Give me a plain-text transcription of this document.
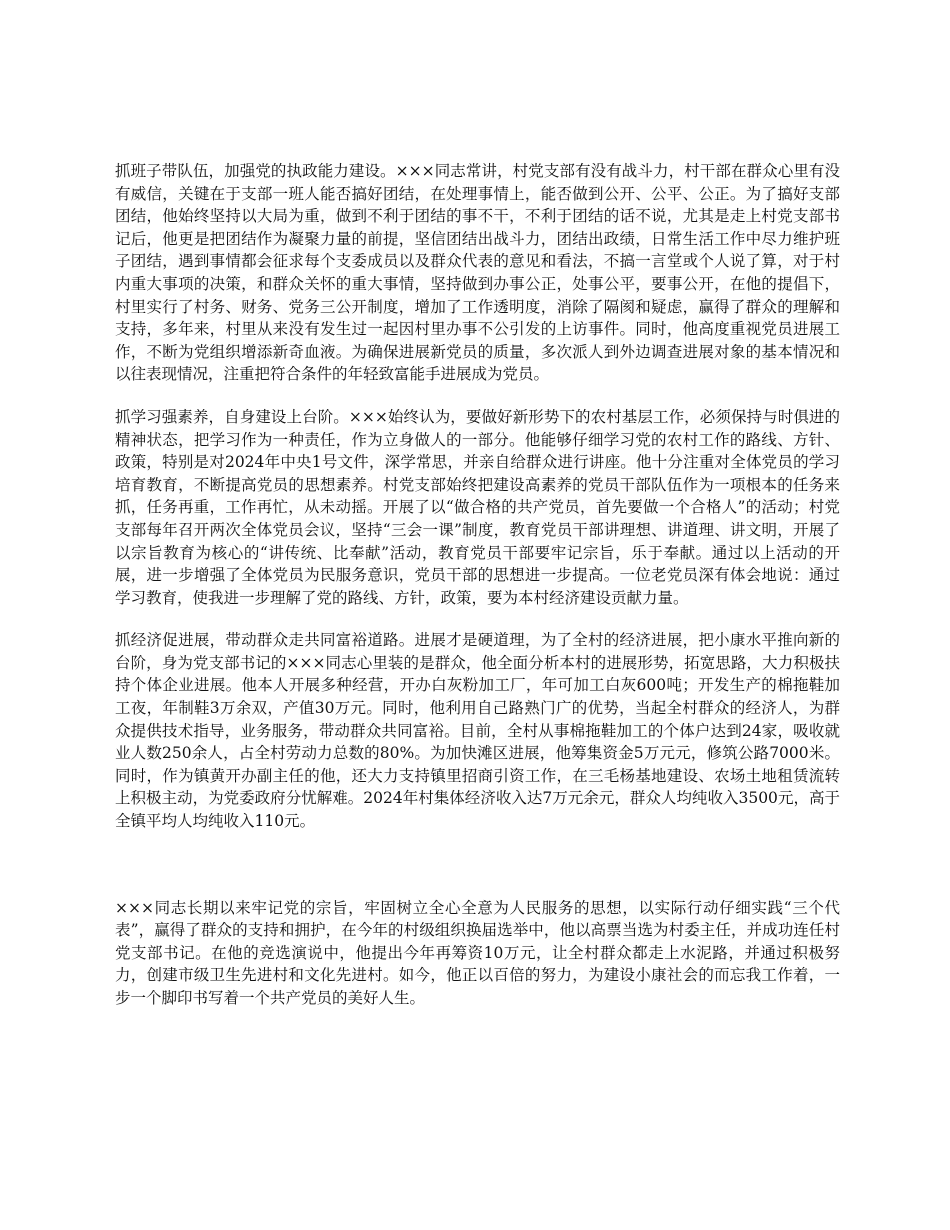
抓班子带队伍，加强党的执政能力建设。×××同志常讲，村党支部有没有战斗力，村干部在群众心里有没有威信，关键在于支部一班人能否搞好团结，在处理事情上，能否做到公开、公平、公正。为了搞好支部团结，他始终坚持以大局为重，做到不利于团结的事不干，不利于团结的话不说，尤其是走上村党支部书记后，他更是把团结作为凝聚力量的前提，坚信团结出战斗力，团结出政绩，日常生活工作中尽力维护班子团结，遇到事情都会征求每个支委成员以及群众代表的意见和看法，不搞一言堂或个人说了算，对于村内重大事项的决策，和群众关怀的重大事情，坚持做到办事公正，处事公平，要事公开，在他的提倡下，村里实行了村务、财务、党务三公开制度，增加了工作透明度，消除了隔阂和疑虑，赢得了群众的理解和支持，多年来，村里从来没有发生过一起因村里办事不公引发的上访事件。同时，他高度重视党员进展工作，不断为党组织增添新奇血液。为确保进展新党员的质量，多次派人到外边调查进展对象的基本情况和以往表现情况，注重把符合条件的年轻致富能手进展成为党员。

抓学习强素养，自身建设上台阶。×××始终认为，要做好新形势下的农村基层工作，必须保持与时俱进的精神状态，把学习作为一种责任，作为立身做人的一部分。他能够仔细学习党的农村工作的路线、方针、政策，特别是对2024年中央1号文件，深学常思，并亲自给群众进行讲座。他十分注重对全体党员的学习培育教育，不断提高党员的思想素养。村党支部始终把建设高素养的党员干部队伍作为一项根本的任务来抓，任务再重，工作再忙，从未动摇。开展了以“做合格的共产党员，首先要做一个合格人”的活动；村党支部每年召开两次全体党员会议，坚持“三会一课”制度，教育党员干部讲理想、讲道理、讲文明，开展了以宗旨教育为核心的“讲传统、比奉献”活动，教育党员干部要牢记宗旨，乐于奉献。通过以上活动的开展，进一步增强了全体党员为民服务意识，党员干部的思想进一步提高。一位老党员深有体会地说：通过学习教育，使我进一步理解了党的路线、方针，政策，要为本村经济建设贡献力量。

抓经济促进展，带动群众走共同富裕道路。进展才是硬道理，为了全村的经济进展，把小康水平推向新的台阶，身为党支部书记的×××同志心里装的是群众，他全面分析本村的进展形势，拓宽思路，大力积极扶持个体企业进展。他本人开展多种经营，开办白灰粉加工厂，年可加工白灰600吨；开发生产的棉拖鞋加工夜，年制鞋3万余双，产值30万元。同时，他利用自己路熟门广的优势，当起全村群众的经济人，为群众提供技术指导，业务服务，带动群众共同富裕。目前，全村从事棉拖鞋加工的个体户达到24家，吸收就业人数250余人，占全村劳动力总数的80%。为加快滩区进展，他筹集资金5万元元，修筑公路7000米。同时，作为镇黄开办副主任的他，还大力支持镇里招商引资工作，在三毛杨基地建设、农场土地租赁流转上积极主动，为党委政府分忧解难。2024年村集体经济收入达7万元余元，群众人均纯收入3500元，高于全镇平均人均纯收入110元。

×××同志长期以来牢记党的宗旨，牢固树立全心全意为人民服务的思想，以实际行动仔细实践“三个代表”，赢得了群众的支持和拥护，在今年的村级组织换届选举中，他以高票当选为村委主任，并成功连任村党支部书记。在他的竞选演说中，他提出今年再筹资10万元，让全村群众都走上水泥路，并通过积极努力，创建市级卫生先进村和文化先进村。如今，他正以百倍的努力，为建设小康社会的而忘我工作着，一步一个脚印书写着一个共产党员的美好人生。
